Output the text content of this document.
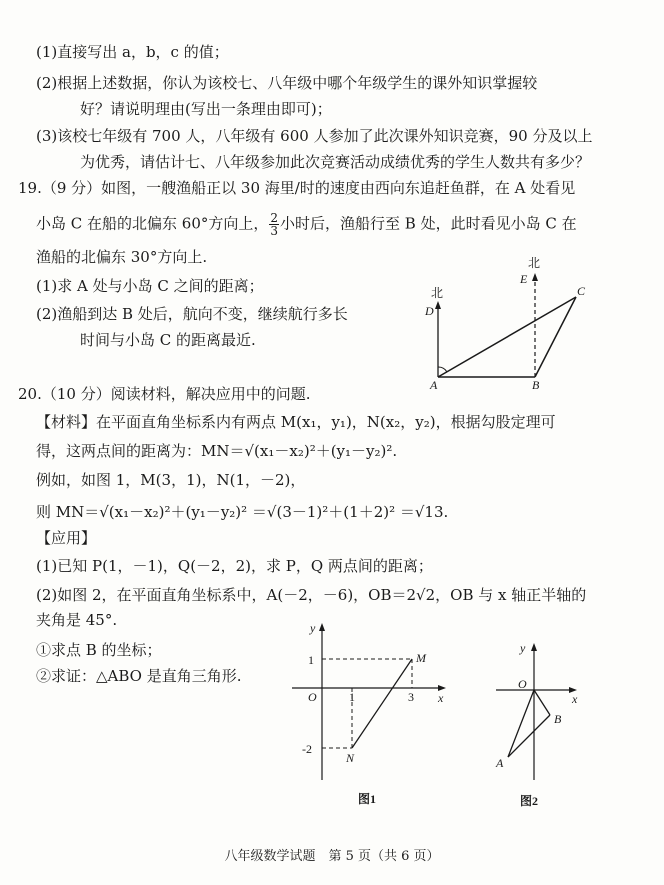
(1)直接写出 a，b，c 的值；
(2)根据上述数据，你认为该校七、八年级中哪个年级学生的课外知识掌握较
好？请说明理由(写出一条理由即可)；
(3)该校七年级有 700 人，八年级有 600 人参加了此次课外知识竞赛，90 分及以上
为优秀，请估计七、八年级参加此次竞赛活动成绩优秀的学生人数共有多少？
19.（9 分）如图，一艘渔船正以 30 海里/时的速度由西向东追赶鱼群，在 A 处看见
小岛 C 在船的北偏东 60°方向上， $\frac{2}{3}$ 小时后，渔船行至 B 处，此时看见小岛 C 在
渔船的北偏东 30°方向上.
(1)求 A 处与小岛 C 之间的距离；
(2)渔船到达 B 处后，航向不变，继续航行多长
时间与小岛 C 的距离最近.
北
北
D
E
A	B
C
20.（10 分）阅读材料，解决应用中的问题.
【材料】在平面直角坐标系内有两点 M(x₁，y₁)，N(x₂，y₂)，根据勾股定理可
得，这两点间的距离为：MN＝√(x₁－x₂)²＋(y₁－y₂)².
例如，如图 1，M(3，1)，N(1，－2)，
则 MN＝√(x₁－x₂)²＋(y₁－y₂)² ＝√(3－1)²＋(1＋2)² ＝√13.
【应用】
(1)已知 P(1，－1)，Q(－2，2)，求 P，Q 两点间的距离；
(2)如图 2，在平面直角坐标系中，A(－2，－6)，OB＝2√2，OB 与 x 轴正半轴的
夹角是 45°.
①求点 B 的坐标；
②求证：△ABO 是直角三角形.
y
x
O	1	3
1
-2
M
N
图1
y
x
O
B
A
图2
八年级数学试题　第 5 页（共 6 页）
